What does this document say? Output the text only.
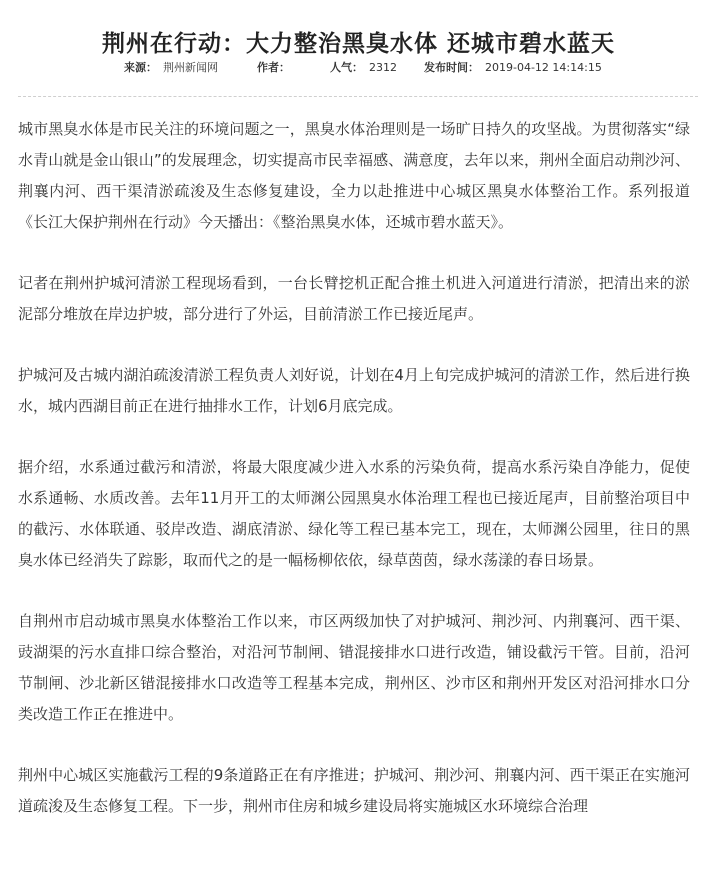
荆州在行动：大力整治黑臭水体 还城市碧水蓝天
来源： 荆州新闻网	作者：	人气： 2312 发布时间： 2019-04-12 14:14:15

城市黑臭水体是市民关注的环境问题之一，黑臭水体治理则是一场旷日持久的攻坚战。为贯彻落实“绿水青山就是金山银山”的发展理念，切实提高市民幸福感、满意度，去年以来，荆州全面启动荆沙河、荆襄内河、西干渠清淤疏浚及生态修复建设，全力以赴推进中心城区黑臭水体整治工作。系列报道《长江大保护荆州在行动》今天播出：《整治黑臭水体，还城市碧水蓝天》。

记者在荆州护城河清淤工程现场看到，一台长臂挖机正配合推土机进入河道进行清淤，把清出来的淤泥部分堆放在岸边护坡，部分进行了外运，目前清淤工作已接近尾声。

护城河及古城内湖泊疏浚清淤工程负责人刘好说，计划在4月上旬完成护城河的清淤工作，然后进行换水，城内西湖目前正在进行抽排水工作，计划6月底完成。

据介绍，水系通过截污和清淤，将最大限度减少进入水系的污染负荷，提高水系污染自净能力，促使水系通畅、水质改善。去年11月开工的太师渊公园黑臭水体治理工程也已接近尾声，目前整治项目中的截污、水体联通、驳岸改造、湖底清淤、绿化等工程已基本完工，现在，太师渊公园里，往日的黑臭水体已经消失了踪影，取而代之的是一幅杨柳依依，绿草茵茵，绿水荡漾的春日场景。

自荆州市启动城市黑臭水体整治工作以来，市区两级加快了对护城河、荆沙河、内荆襄河、西干渠、豉湖渠的污水直排口综合整治，对沿河节制闸、错混接排水口进行改造，铺设截污干管。目前，沿河节制闸、沙北新区错混接排水口改造等工程基本完成，荆州区、沙市区和荆州开发区对沿河排水口分类改造工作正在推进中。

荆州中心城区实施截污工程的9条道路正在有序推进；护城河、荆沙河、荆襄内河、西干渠正在实施河道疏浚及生态修复工程。下一步，荆州市住房和城乡建设局将实施城区水环境综合治理
